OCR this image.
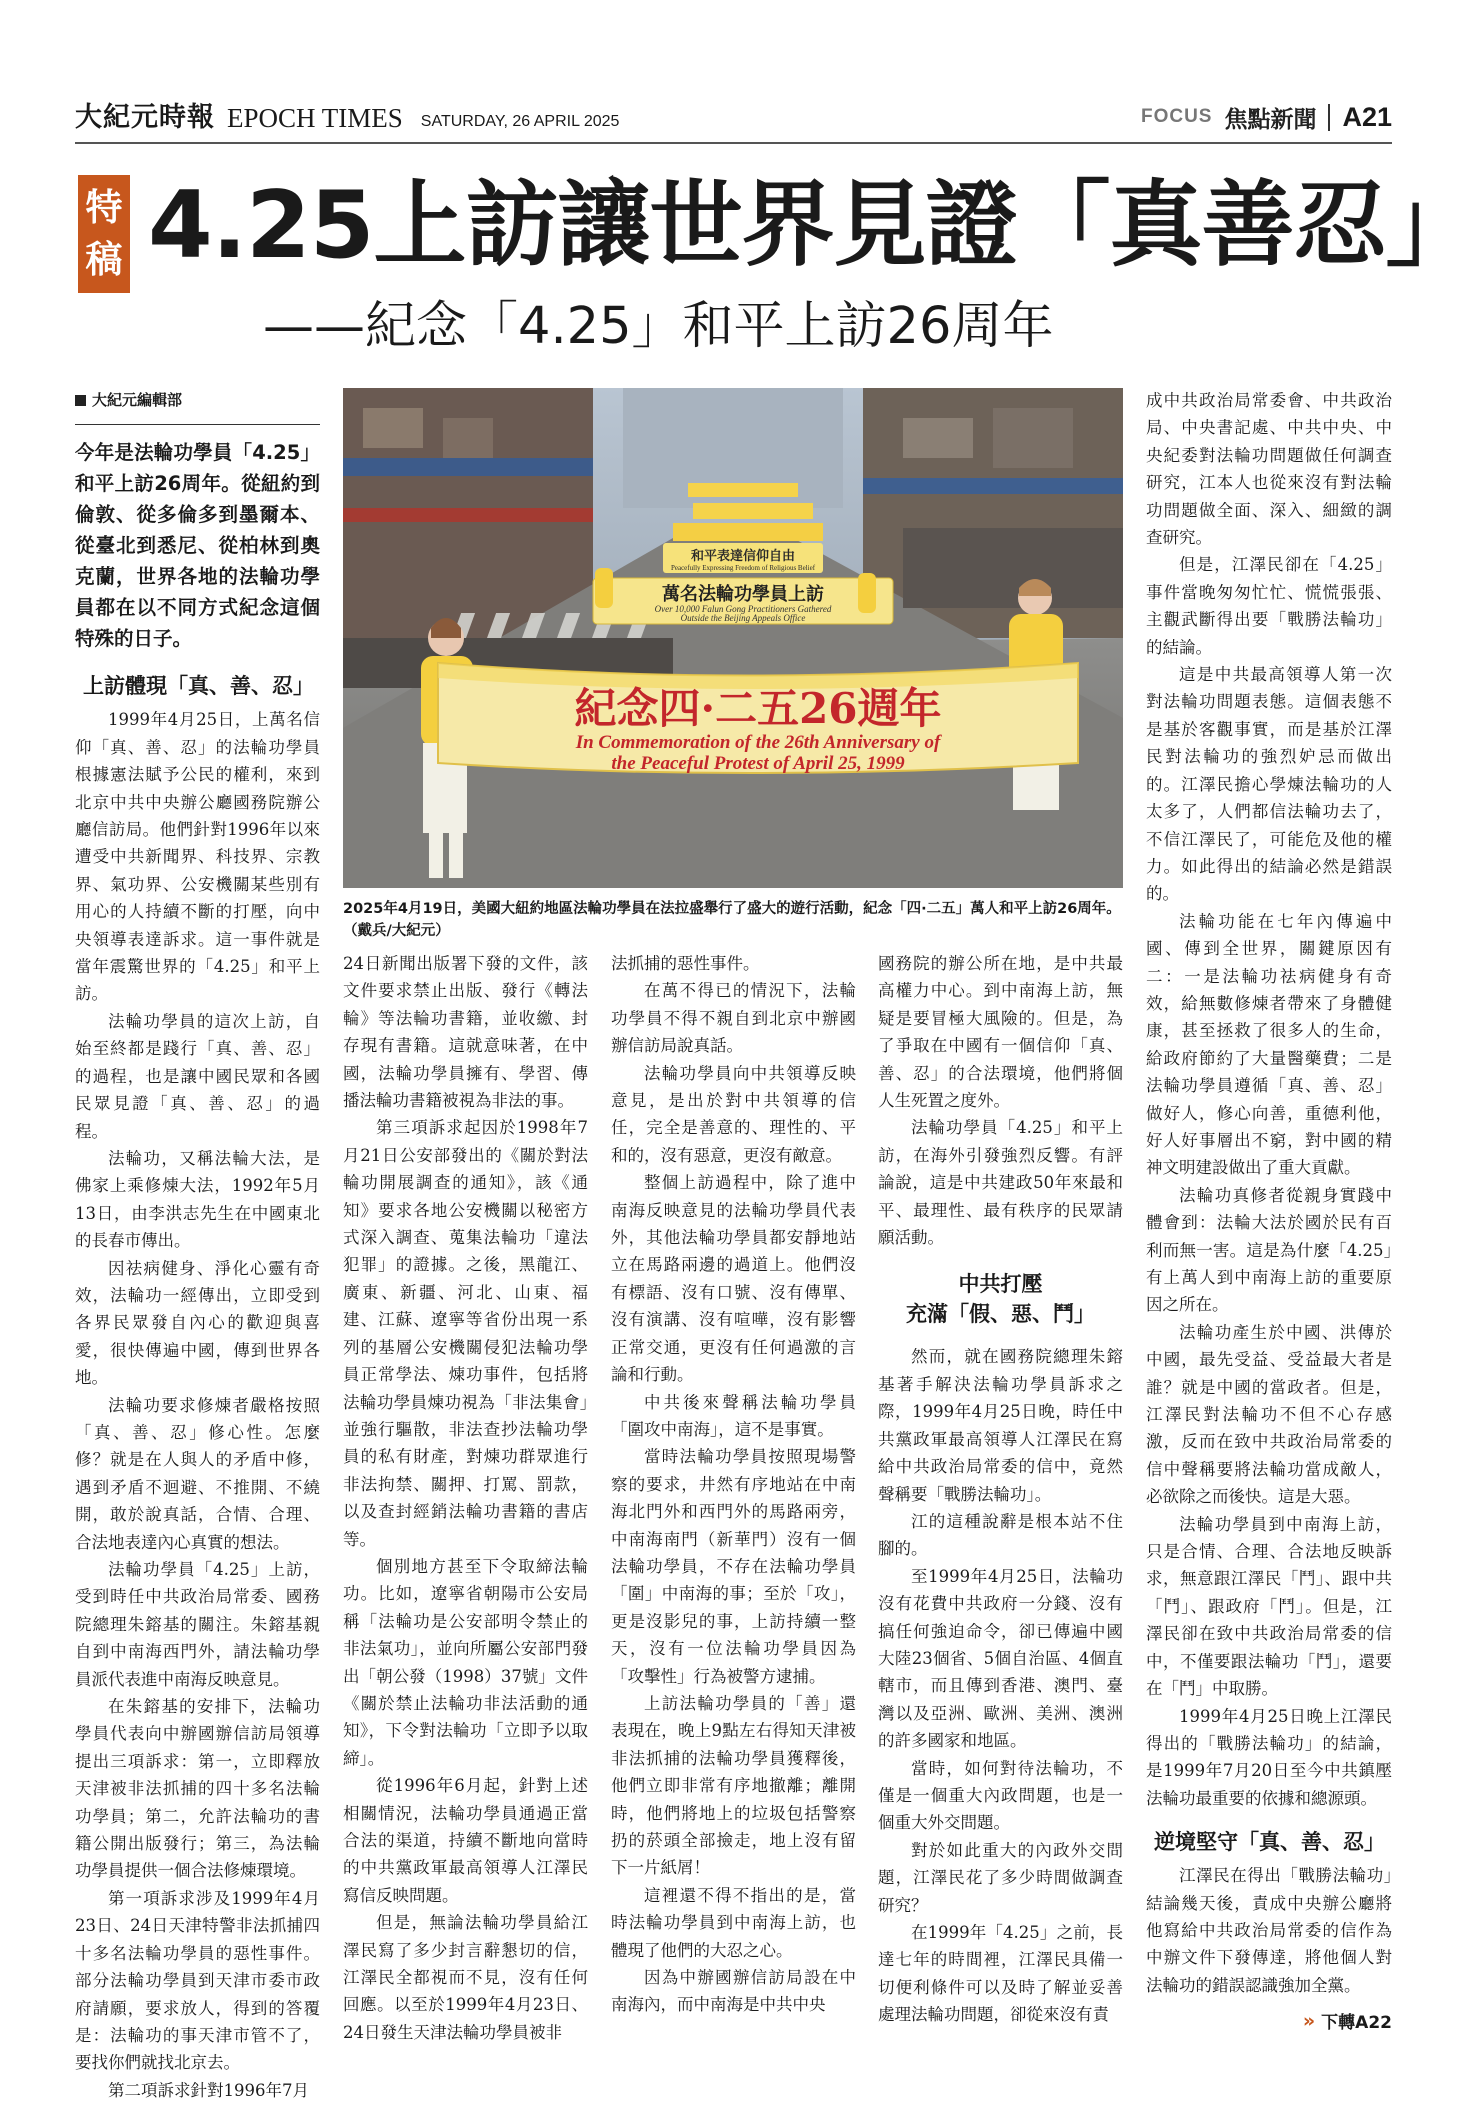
大紀元時報 EPOCH TIMES SATURDAY, 26 APRIL 2025	FOCUS 焦點新聞 A21
特
稿 4.25上訪讓世界見證「真善忍」
——紀念「4.25」和平上訪26周年
和平表達信仰自由
Peacefully Expressing Freedom of Religious Belief
萬名法輪功學員上訪
Over 10,000 Falun Gong Practitioners Gathered
Outside the Beijing Appeals Office
紀念四·二五26週年
In Commemoration of the 26th Anniversary of
the Peaceful Protest of April 25, 1999
2025年4月19日，美國大紐約地區法輪功學員在法拉盛舉行了盛大的遊行活動，紀念「四·二五」萬人和平上訪26周年。（戴兵/大紀元）
大紀元編輯部
今年是法輪功學員「4.25」和平上訪26周年。從紐約到倫敦、從多倫多到墨爾本、從臺北到悉尼、從柏林到奧克蘭，世界各地的法輪功學員都在以不同方式紀念這個特殊的日子。
上訪體現「真、善、忍」

1999年4月25日，上萬名信仰「真、善、忍」的法輪功學員根據憲法賦予公民的權利，來到北京中共中央辦公廳國務院辦公廳信訪局。他們針對1996年以來遭受中共新聞界、科技界、宗教界、氣功界、公安機關某些別有用心的人持續不斷的打壓，向中央領導表達訴求。這一事件就是當年震驚世界的「4.25」和平上訪。

法輪功學員的這次上訪，自始至終都是踐行「真、善、忍」的過程，也是讓中國民眾和各國民眾見證「真、善、忍」的過程。

法輪功，又稱法輪大法，是佛家上乘修煉大法，1992年5月13日，由李洪志先生在中國東北的長春市傳出。

因祛病健身、淨化心靈有奇效，法輪功一經傳出，立即受到各界民眾發自內心的歡迎與喜愛，很快傳遍中國，傳到世界各地。

法輪功要求修煉者嚴格按照「真、善、忍」修心性。怎麼修？就是在人與人的矛盾中修，遇到矛盾不迴避、不推開、不繞開，敢於說真話，合情、合理、合法地表達內心真實的想法。

法輪功學員「4.25」上訪，受到時任中共政治局常委、國務院總理朱鎔基的關注。朱鎔基親自到中南海西門外，請法輪功學員派代表進中南海反映意見。

在朱鎔基的安排下，法輪功學員代表向中辦國辦信訪局領導提出三項訴求：第一，立即釋放天津被非法抓捕的四十多名法輪功學員；第二，允許法輪功的書籍公開出版發行；第三，為法輪功學員提供一個合法修煉環境。

第一項訴求涉及1999年4月23日、24日天津特警非法抓捕四十多名法輪功學員的惡性事件。部分法輪功學員到天津市委市政府請願，要求放人，得到的答覆是：法輪功的事天津市管不了，要找你們就找北京去。

第二項訴求針對1996年7月

24日新聞出版署下發的文件，該文件要求禁止出版、發行《轉法輪》等法輪功書籍，並收繳、封存現有書籍。這就意味著，在中國，法輪功學員擁有、學習、傳播法輪功書籍被視為非法的事。

第三項訴求起因於1998年7月21日公安部發出的《關於對法輪功開展調查的通知》，該《通知》要求各地公安機關以秘密方式深入調查、蒐集法輪功「違法犯罪」的證據。之後，黑龍江、廣東、新疆、河北、山東、福建、江蘇、遼寧等省份出現一系列的基層公安機關侵犯法輪功學員正常學法、煉功事件，包括將法輪功學員煉功視為「非法集會」並強行驅散，非法查抄法輪功學員的私有財產，對煉功群眾進行非法拘禁、關押、打罵、罰款，以及查封經銷法輪功書籍的書店等。

個別地方甚至下令取締法輪功。比如，遼寧省朝陽市公安局稱「法輪功是公安部明令禁止的非法氣功」，並向所屬公安部門發出「朝公發（1998）37號」文件《關於禁止法輪功非法活動的通知》，下令對法輪功「立即予以取締」。

從1996年6月起，針對上述相關情況，法輪功學員通過正當合法的渠道，持續不斷地向當時的中共黨政軍最高領導人江澤民寫信反映問題。

但是，無論法輪功學員給江澤民寫了多少封言辭懇切的信，江澤民全都視而不見，沒有任何回應。以至於1999年4月23日、24日發生天津法輪功學員被非

法抓捕的惡性事件。

在萬不得已的情況下，法輪功學員不得不親自到北京中辦國辦信訪局說真話。

法輪功學員向中共領導反映意見，是出於對中共領導的信任，完全是善意的、理性的、平和的，沒有惡意，更沒有敵意。

整個上訪過程中，除了進中南海反映意見的法輪功學員代表外，其他法輪功學員都安靜地站立在馬路兩邊的過道上。他們沒有標語、沒有口號、沒有傳單、沒有演講、沒有喧嘩，沒有影響正常交通，更沒有任何過激的言論和行動。

中共後來聲稱法輪功學員「圍攻中南海」，這不是事實。

當時法輪功學員按照現場警察的要求，井然有序地站在中南海北門外和西門外的馬路兩旁，中南海南門（新華門）沒有一個法輪功學員，不存在法輪功學員「圍」中南海的事；至於「攻」，更是沒影兒的事，上訪持續一整天，沒有一位法輪功學員因為「攻擊性」行為被警方逮捕。

上訪法輪功學員的「善」還表現在，晚上9點左右得知天津被非法抓捕的法輪功學員獲釋後，他們立即非常有序地撤離；離開時，他們將地上的垃圾包括警察扔的菸頭全部撿走，地上沒有留下一片紙屑！

這裡還不得不指出的是，當時法輪功學員到中南海上訪，也體現了他們的大忍之心。

因為中辦國辦信訪局設在中南海內，而中南海是中共中央

國務院的辦公所在地，是中共最高權力中心。到中南海上訪，無疑是要冒極大風險的。但是，為了爭取在中國有一個信仰「真、善、忍」的合法環境，他們將個人生死置之度外。

法輪功學員「4.25」和平上訪，在海外引發強烈反響。有評論說，這是中共建政50年來最和平、最理性、最有秩序的民眾請願活動。

中共打壓
充滿「假、惡、鬥」

然而，就在國務院總理朱鎔基著手解決法輪功學員訴求之際，1999年4月25日晚，時任中共黨政軍最高領導人江澤民在寫給中共政治局常委的信中，竟然聲稱要「戰勝法輪功」。

江的這種說辭是根本站不住腳的。

至1999年4月25日，法輪功沒有花費中共政府一分錢、沒有搞任何強迫命令，卻已傳遍中國大陸23個省、5個自治區、4個直轄市，而且傳到香港、澳門、臺灣以及亞洲、歐洲、美洲、澳洲的許多國家和地區。

當時，如何對待法輪功，不僅是一個重大內政問題，也是一個重大外交問題。

對於如此重大的內政外交問題，江澤民花了多少時間做調查研究？

在1999年「4.25」之前，長達七年的時間裡，江澤民具備一切便利條件可以及時了解並妥善處理法輪功問題，卻從來沒有責

成中共政治局常委會、中共政治局、中央書記處、中共中央、中央紀委對法輪功問題做任何調查研究，江本人也從來沒有對法輪功問題做全面、深入、細緻的調查研究。

但是，江澤民卻在「4.25」事件當晚匆匆忙忙、慌慌張張、主觀武斷得出要「戰勝法輪功」的結論。

這是中共最高領導人第一次對法輪功問題表態。這個表態不是基於客觀事實，而是基於江澤民對法輪功的強烈妒忌而做出的。江澤民擔心學煉法輪功的人太多了，人們都信法輪功去了，不信江澤民了，可能危及他的權力。如此得出的結論必然是錯誤的。

法輪功能在七年內傳遍中國、傳到全世界，關鍵原因有二：一是法輪功祛病健身有奇效，給無數修煉者帶來了身體健康，甚至拯救了很多人的生命，給政府節約了大量醫藥費；二是法輪功學員遵循「真、善、忍」做好人，修心向善，重德利他，好人好事層出不窮，對中國的精神文明建設做出了重大貢獻。

法輪功真修者從親身實踐中體會到：法輪大法於國於民有百利而無一害。這是為什麼「4.25」有上萬人到中南海上訪的重要原因之所在。

法輪功產生於中國、洪傳於中國，最先受益、受益最大者是誰？就是中國的當政者。但是，江澤民對法輪功不但不心存感激，反而在致中共政治局常委的信中聲稱要將法輪功當成敵人，必欲除之而後快。這是大惡。

法輪功學員到中南海上訪，只是合情、合理、合法地反映訴求，無意跟江澤民「鬥」、跟中共「鬥」、跟政府「鬥」。但是，江澤民卻在致中共政治局常委的信中，不僅要跟法輪功「鬥」，還要在「鬥」中取勝。

1999年4月25日晚上江澤民得出的「戰勝法輪功」的結論，是1999年7月20日至今中共鎮壓法輪功最重要的依據和總源頭。

逆境堅守「真、善、忍」

江澤民在得出「戰勝法輪功」結論幾天後，責成中央辦公廳將他寫給中共政治局常委的信作為中辦文件下發傳達，將他個人對法輪功的錯誤認識強加全黨。

» 下轉A22
